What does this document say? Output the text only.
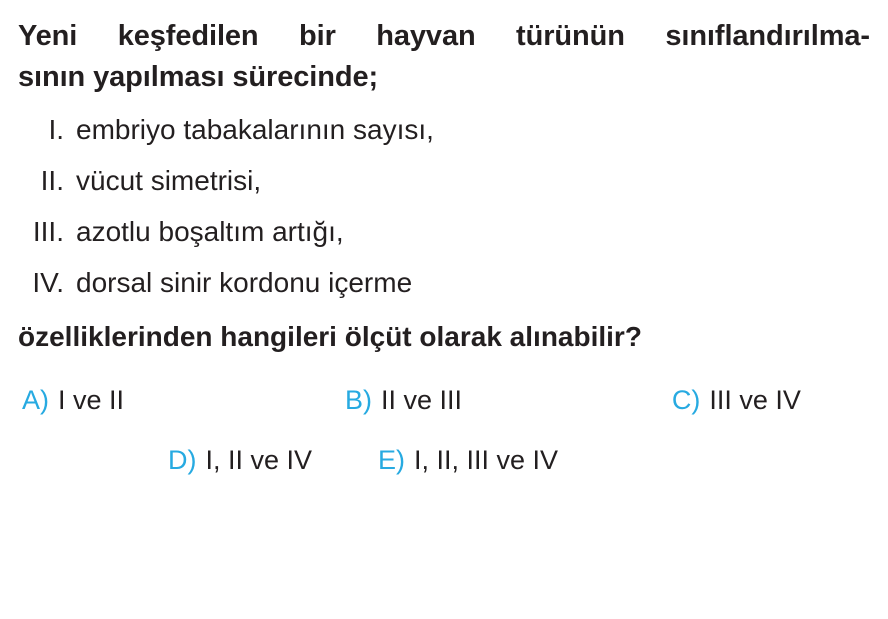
Yeni keşfedilen bir hayvan türünün sınıflandırılma-
sının yapılması sürecinde;
I. embriyo tabakalarının sayısı,
II. vücut simetrisi,
III. azotlu boşaltım artığı,
IV. dorsal sinir kordonu içerme
özelliklerinden hangileri ölçüt olarak alınabilir?
A) I ve II	B) II ve III	C) III ve IV
D) I, II ve IV E) I, II, III ve IV
